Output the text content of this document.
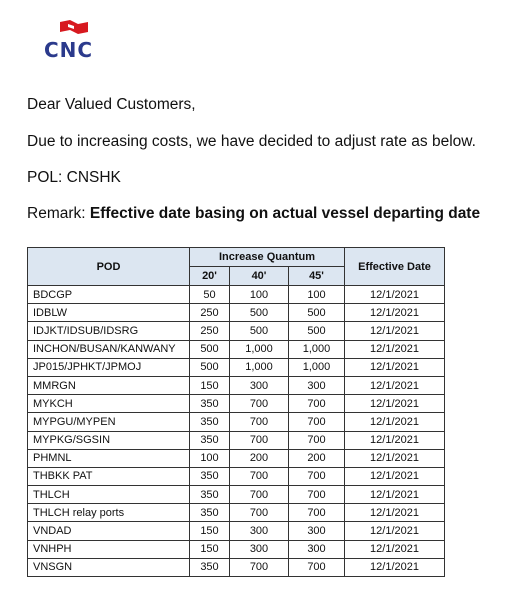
CNC
Dear Valued Customers,
Due to increasing costs, we have decided to adjust rate as below.
POL: CNSHK
Remark: Effective date basing on actual vessel departing date
POD	Increase Quantum			Effective Date
	20'	40'	45'	
BDCGP	50	100	100	12/1/2021
IDBLW	250	500	500	12/1/2021
IDJKT/IDSUB/IDSRG	250	500	500	12/1/2021
INCHON/BUSAN/KANWANY	500	1,000	1,000	12/1/2021
JP015/JPHKT/JPMOJ	500	1,000	1,000	12/1/2021
MMRGN	150	300	300	12/1/2021
MYKCH	350	700	700	12/1/2021
MYPGU/MYPEN	350	700	700	12/1/2021
MYPKG/SGSIN	350	700	700	12/1/2021
PHMNL	100	200	200	12/1/2021
THBKK PAT	350	700	700	12/1/2021
THLCH	350	700	700	12/1/2021
THLCH relay ports	350	700	700	12/1/2021
VNDAD	150	300	300	12/1/2021
VNHPH	150	300	300	12/1/2021
VNSGN	350	700	700	12/1/2021
